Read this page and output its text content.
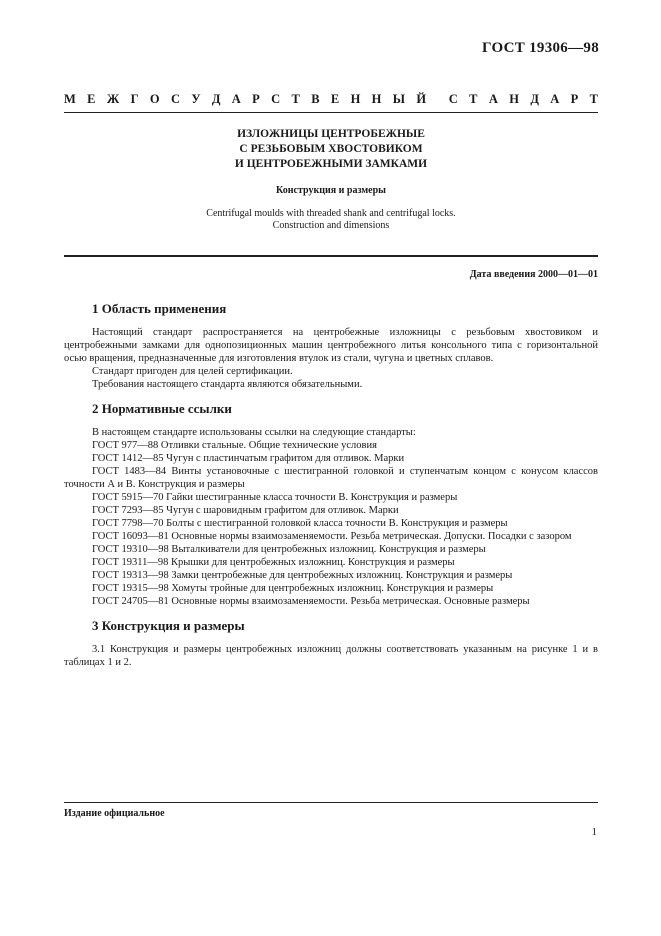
ГОСТ 19306—98
М Е Ж Г О С У Д А Р С Т В Е Н Н Ы Й С Т А Н Д А Р Т
ИЗЛОЖНИЦЫ ЦЕНТРОБЕЖНЫЕ
С РЕЗЬБОВЫМ ХВОСТОВИКОМ
И ЦЕНТРОБЕЖНЫМИ ЗАМКАМИ
Конструкция и размеры
Centrifugal moulds with threaded shank and centrifugal locks.
Construction and dimensions
Дата введения 2000—01—01
1 Область применения

Настоящий стандарт распространяется на центробежные изложницы с резьбовым хвостовиком и центробежными замками для однопозиционных машин центробежного литья консольного типа с горизонтальной осью вращения, предназначенные для изготовления втулок из стали, чугуна и цветных сплавов.

Стандарт пригоден для целей сертификации.

Требования настоящего стандарта являются обязательными.

2 Нормативные ссылки

В настоящем стандарте использованы ссылки на следующие стандарты:

ГОСТ 977—88 Отливки стальные. Общие технические условия
ГОСТ 1412—85 Чугун с пластинчатым графитом для отливок. Марки
ГОСТ 1483—84 Винты установочные с шестигранной головкой и ступенчатым концом с конусом классов точности А и В. Конструкция и размеры
ГОСТ 5915—70 Гайки шестигранные класса точности В. Конструкция и размеры
ГОСТ 7293—85 Чугун с шаровидным графитом для отливок. Марки
ГОСТ 7798—70 Болты с шестигранной головкой класса точности В. Конструкция и размеры
ГОСТ 16093—81 Основные нормы взаимозаменяемости. Резьба метрическая. Допуски. Посадки с зазором
ГОСТ 19310—98 Выталкиватели для центробежных изложниц. Конструкция и размеры
ГОСТ 19311—98 Крышки для центробежных изложниц. Конструкция и размеры
ГОСТ 19313—98 Замки центробежные для центробежных изложниц. Конструкция и размеры
ГОСТ 19315—98 Хомуты тройные для центробежных изложниц. Конструкция и размеры
ГОСТ 24705—81 Основные нормы взаимозаменяемости. Резьба метрическая. Основные размеры
3 Конструкция и размеры

3.1 Конструкция и размеры центробежных изложниц должны соответствовать указанным на рисунке 1 и в таблицах 1 и 2.

Издание официальное
1
